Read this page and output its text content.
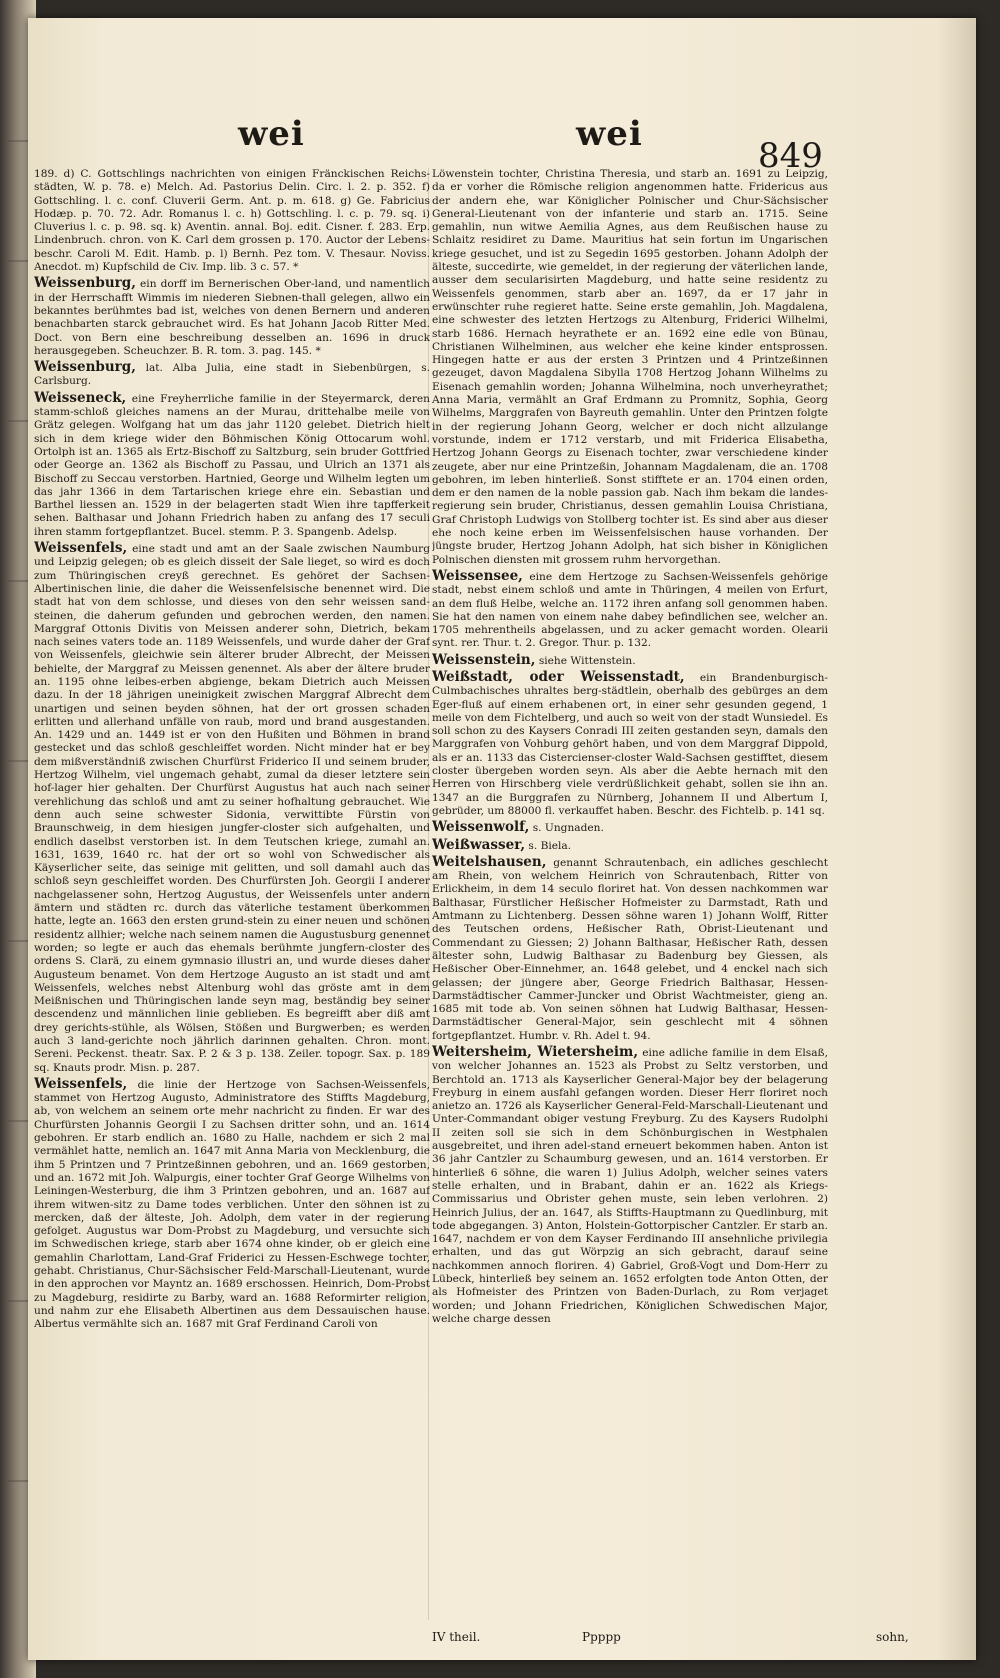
wei	wei
849

189. d) C. Gottschlings nachrichten von einigen Fränckischen Reichs-städten, W. p. 78. e) Melch. Ad. Pastorius Delin. Circ. l. 2. p. 352. f) Gottschling. l. c. conf. Cluverii Germ. Ant. p. m. 618. g) Ge. Fabricius Hodæp. p. 70. 72. Adr. Romanus l. c. h) Gottschling. l. c. p. 79. sq. i) Cluverius l. c. p. 98. sq. k) Aventin. annal. Boj. edit. Cisner. f. 283. Erp. Lindenbruch. chron. von K. Carl dem grossen p. 170. Auctor der Lebens-beschr. Caroli M. Edit. Hamb. p. l) Bernh. Pez tom. V. Thesaur. Noviss. Anecdot. m) Kupfschild de Civ. Imp. lib. 3 c. 57. *

Weissenburg, ein dorff im Bernerischen Ober-land, und namentlich in der Herrschafft Wimmis im niederen Siebnen-thall gelegen, allwo ein bekanntes berühmtes bad ist, welches von denen Bernern und anderen benachbarten starck gebrauchet wird. Es hat Johann Jacob Ritter Med. Doct. von Bern eine beschreibung desselben an. 1696 in druck herausgegeben. Scheuchzer. B. R. tom. 3. pag. 145. *

Weissenburg, lat. Alba Julia, eine stadt in Siebenbürgen, s. Carlsburg.

Weisseneck, eine Freyherrliche familie in der Steyermarck, deren stamm-schloß gleiches namens an der Murau, drittehalbe meile von Grätz gelegen. Wolfgang hat um das jahr 1120 gelebet. Dietrich hielt sich in dem kriege wider den Böhmischen König Ottocarum wohl. Ortolph ist an. 1365 als Ertz-Bischoff zu Saltzburg, sein bruder Gottfried oder George an. 1362 als Bischoff zu Passau, und Ulrich an 1371 als Bischoff zu Seccau verstorben. Hartnied, George und Wilhelm legten um das jahr 1366 in dem Tartarischen kriege ehre ein. Sebastian und Barthel liessen an. 1529 in der belagerten stadt Wien ihre tapfferkeit sehen. Balthasar und Johann Friedrich haben zu anfang des 17 seculi ihren stamm fortgepflantzet. Bucel. stemm. P. 3. Spangenb. Adelsp.

Weissenfels, eine stadt und amt an der Saale zwischen Naumburg und Leipzig gelegen; ob es gleich disseit der Sale lieget, so wird es doch zum Thüringischen creyß gerechnet. Es gehöret der Sachsen-Albertinischen linie, die daher die Weissenfelsische benennet wird. Die stadt hat von dem schlosse, und dieses von den sehr weissen sand-steinen, die daherum gefunden und gebrochen werden, den namen. Marggraf Ottonis Divitis von Meissen anderer sohn, Dietrich, bekam nach seines vaters tode an. 1189 Weissenfels, und wurde daher der Graf von Weissenfels, gleichwie sein älterer bruder Albrecht, der Meissen behielte, der Marggraf zu Meissen genennet. Als aber der ältere bruder an. 1195 ohne leibes-erben abgienge, bekam Dietrich auch Meissen dazu. In der 18 jährigen uneinigkeit zwischen Marggraf Albrecht dem unartigen und seinen beyden söhnen, hat der ort grossen schaden erlitten und allerhand unfälle von raub, mord und brand ausgestanden. An. 1429 und an. 1449 ist er von den Hußiten und Böhmen in brand gestecket und das schloß geschleiffet worden. Nicht minder hat er bey dem mißverständniß zwischen Churfürst Friderico II und seinem bruder, Hertzog Wilhelm, viel ungemach gehabt, zumal da dieser letztere sein hof-lager hier gehalten. Der Churfürst Augustus hat auch nach seiner verehlichung das schloß und amt zu seiner hofhaltung gebrauchet. Wie denn auch seine schwester Sidonia, verwittibte Fürstin von Braunschweig, in dem hiesigen jungfer-closter sich aufgehalten, und endlich daselbst verstorben ist. In dem Teutschen kriege, zumahl an. 1631, 1639, 1640 rc. hat der ort so wohl von Schwedischer als Käyserlicher seite, das seinige mit gelitten, und soll damahl auch das schloß seyn geschleiffet worden. Des Churfürsten Joh. Georgii I anderer nachgelassener sohn, Hertzog Augustus, der Weissenfels unter andern ämtern und städten rc. durch das väterliche testament überkommen hatte, legte an. 1663 den ersten grund-stein zu einer neuen und schönen residentz allhier; welche nach seinem namen die Augustusburg genennet worden; so legte er auch das ehemals berühmte jungfern-closter des ordens S. Clarä, zu einem gymnasio illustri an, und wurde dieses daher Augusteum benamet. Von dem Hertzoge Augusto an ist stadt und amt Weissenfels, welches nebst Altenburg wohl das gröste amt in dem Meißnischen und Thüringischen lande seyn mag, beständig bey seiner descendenz und männlichen linie geblieben. Es begreifft aber diß amt drey gerichts-stühle, als Wölsen, Stößen und Burgwerben; es werden auch 3 land-gerichte noch jährlich darinnen gehalten. Chron. mont. Sereni. Peckenst. theatr. Sax. P. 2 & 3 p. 138. Zeiler. topogr. Sax. p. 189 sq. Knauts prodr. Misn. p. 287.

Weissenfels, die linie der Hertzoge von Sachsen-Weissenfels, stammet von Hertzog Augusto, Administratore des Stiffts Magdeburg, ab, von welchem an seinem orte mehr nachricht zu finden. Er war des Churfürsten Johannis Georgii I zu Sachsen dritter sohn, und an. 1614 gebohren. Er starb endlich an. 1680 zu Halle, nachdem er sich 2 mal vermählet hatte, nemlich an. 1647 mit Anna Maria von Mecklenburg, die ihm 5 Printzen und 7 Printzeßinnen gebohren, und an. 1669 gestorben, und an. 1672 mit Joh. Walpurgis, einer tochter Graf George Wilhelms von Leiningen-Westerburg, die ihm 3 Printzen gebohren, und an. 1687 auf ihrem witwen-sitz zu Dame todes verblichen. Unter den söhnen ist zu mercken, daß der älteste, Joh. Adolph, dem vater in der regierung gefolget. Augustus war Dom-Probst zu Magdeburg, und versuchte sich im Schwedischen kriege, starb aber 1674 ohne kinder, ob er gleich eine gemahlin Charlottam, Land-Graf Friderici zu Hessen-Eschwege tochter, gehabt. Christianus, Chur-Sächsischer Feld-Marschall-Lieutenant, wurde in den approchen vor Mayntz an. 1689 erschossen. Heinrich, Dom-Probst zu Magdeburg, residirte zu Barby, ward an. 1688 Reformirter religion, und nahm zur ehe Elisabeth Albertinen aus dem Dessauischen hause. Albertus vermählte sich an. 1687 mit Graf Ferdinand Caroli von

Löwenstein tochter, Christina Theresia, und starb an. 1691 zu Leipzig, da er vorher die Römische religion angenommen hatte. Fridericus aus der andern ehe, war Königlicher Polnischer und Chur-Sächsischer General-Lieutenant von der infanterie und starb an. 1715. Seine gemahlin, nun witwe Aemilia Agnes, aus dem Reußischen hause zu Schlaitz residiret zu Dame. Mauritius hat sein fortun im Ungarischen kriege gesuchet, und ist zu Segedin 1695 gestorben. Johann Adolph der älteste, succedirte, wie gemeldet, in der regierung der väterlichen lande, ausser dem secularisirten Magdeburg, und hatte seine residentz zu Weissenfels genommen, starb aber an. 1697, da er 17 jahr in erwünschter ruhe regieret hatte. Seine erste gemahlin, Joh. Magdalena, eine schwester des letzten Hertzogs zu Altenburg, Friderici Wilhelmi, starb 1686. Hernach heyrathete er an. 1692 eine edle von Bünau, Christianen Wilhelminen, aus welcher ehe keine kinder entsprossen. Hingegen hatte er aus der ersten 3 Printzen und 4 Printzeßinnen gezeuget, davon Magdalena Sibylla 1708 Hertzog Johann Wilhelms zu Eisenach gemahlin worden; Johanna Wilhelmina, noch unverheyrathet; Anna Maria, vermählt an Graf Erdmann zu Promnitz, Sophia, Georg Wilhelms, Marggrafen von Bayreuth gemahlin. Unter den Printzen folgte in der regierung Johann Georg, welcher er doch nicht allzulange vorstunde, indem er 1712 verstarb, und mit Friderica Elisabetha, Hertzog Johann Georgs zu Eisenach tochter, zwar verschiedene kinder zeugete, aber nur eine Printzeßin, Johannam Magdalenam, die an. 1708 gebohren, im leben hinterließ. Sonst stifftete er an. 1704 einen orden, dem er den namen de la noble passion gab. Nach ihm bekam die landes-regierung sein bruder, Christianus, dessen gemahlin Louisa Christiana, Graf Christoph Ludwigs von Stollberg tochter ist. Es sind aber aus dieser ehe noch keine erben im Weissenfelsischen hause vorhanden. Der jüngste bruder, Hertzog Johann Adolph, hat sich bisher in Königlichen Polnischen diensten mit grossem ruhm hervorgethan.

Weissensee, eine dem Hertzoge zu Sachsen-Weissenfels gehörige stadt, nebst einem schloß und amte in Thüringen, 4 meilen von Erfurt, an dem fluß Helbe, welche an. 1172 ihren anfang soll genommen haben. Sie hat den namen von einem nahe dabey befindlichen see, welcher an. 1705 mehrentheils abgelassen, und zu acker gemacht worden. Olearii synt. rer. Thur. t. 2. Gregor. Thur. p. 132.

Weissenstein, siehe Wittenstein.

Weißstadt, oder Weissenstadt, ein Brandenburgisch-Culmbachisches uhraltes berg-städtlein, oberhalb des gebürges an dem Eger-fluß auf einem erhabenen ort, in einer sehr gesunden gegend, 1 meile von dem Fichtelberg, und auch so weit von der stadt Wunsiedel. Es soll schon zu des Kaysers Conradi III zeiten gestanden seyn, damals den Marggrafen von Vohburg gehört haben, und von dem Marggraf Dippold, als er an. 1133 das Cistercienser-closter Wald-Sachsen gestifftet, diesem closter übergeben worden seyn. Als aber die Aebte hernach mit den Herren von Hirschberg viele verdrüßlichkeit gehabt, sollen sie ihn an. 1347 an die Burggrafen zu Nürnberg, Johannem II und Albertum I, gebrüder, um 88000 fl. verkauffet haben. Beschr. des Fichtelb. p. 141 sq.

Weissenwolf, s. Ungnaden.

Weißwasser, s. Biela.

Weitelshausen, genannt Schrautenbach, ein adliches geschlecht am Rhein, von welchem Heinrich von Schrautenbach, Ritter von Erlickheim, in dem 14 seculo floriret hat. Von dessen nachkommen war Balthasar, Fürstlicher Heßischer Hofmeister zu Darmstadt, Rath und Amtmann zu Lichtenberg. Dessen söhne waren 1) Johann Wolff, Ritter des Teutschen ordens, Heßischer Rath, Obrist-Lieutenant und Commendant zu Giessen; 2) Johann Balthasar, Heßischer Rath, dessen ältester sohn, Ludwig Balthasar zu Badenburg bey Giessen, als Heßischer Ober-Einnehmer, an. 1648 gelebet, und 4 enckel nach sich gelassen; der jüngere aber, George Friedrich Balthasar, Hessen-Darmstädtischer Cammer-Juncker und Obrist Wachtmeister, gieng an. 1685 mit tode ab. Von seinen söhnen hat Ludwig Balthasar, Hessen-Darmstädtischer General-Major, sein geschlecht mit 4 söhnen fortgepflantzet. Humbr. v. Rh. Adel t. 94.

Weitersheim, Wietersheim, eine adliche familie in dem Elsaß, von welcher Johannes an. 1523 als Probst zu Seltz verstorben, und Berchtold an. 1713 als Kayserlicher General-Major bey der belagerung Freyburg in einem ausfahl gefangen worden. Dieser Herr floriret noch anietzo an. 1726 als Kayserlicher General-Feld-Marschall-Lieutenant und Unter-Commandant obiger vestung Freyburg. Zu des Kaysers Rudolphi II zeiten soll sie sich in dem Schönburgischen in Westphalen ausgebreitet, und ihren adel-stand erneuert bekommen haben. Anton ist 36 jahr Cantzler zu Schaumburg gewesen, und an. 1614 verstorben. Er hinterließ 6 söhne, die waren 1) Julius Adolph, welcher seines vaters stelle erhalten, und in Brabant, dahin er an. 1622 als Kriegs-Commissarius und Obrister gehen muste, sein leben verlohren. 2) Heinrich Julius, der an. 1647, als Stiffts-Hauptmann zu Quedlinburg, mit tode abgegangen. 3) Anton, Holstein-Gottorpischer Cantzler. Er starb an. 1647, nachdem er von dem Kayser Ferdinando III ansehnliche privilegia erhalten, und das gut Wörpzig an sich gebracht, darauf seine nachkommen annoch floriren. 4) Gabriel, Groß-Vogt und Dom-Herr zu Lübeck, hinterließ bey seinem an. 1652 erfolgten tode Anton Otten, der als Hofmeister des Printzen von Baden-Durlach, zu Rom verjaget worden; und Johann Friedrichen, Königlichen Schwedischen Major, welche charge dessen

IV theil.	Ppppp	sohn,
